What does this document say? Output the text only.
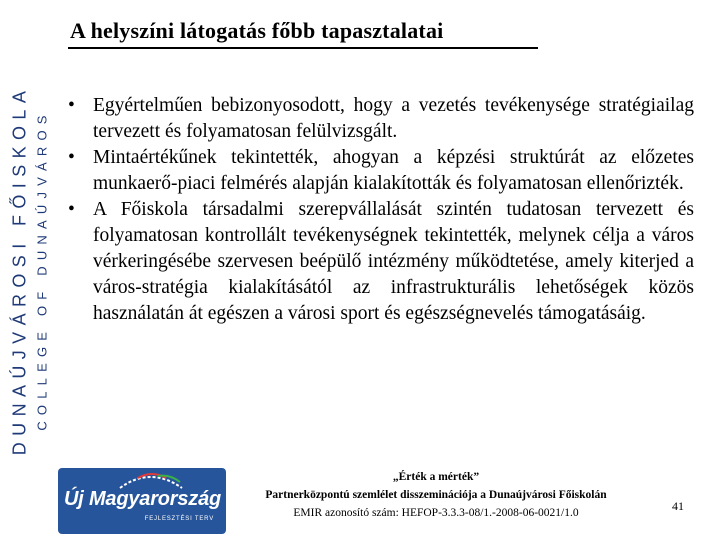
DUNAÚJVÁROSI FŐISKOLA COLLEGE OF DUNAÚJVÁROS
A helyszíni látogatás főbb tapasztalatai
• Egyértelműen bebizonyosodott, hogy a vezetés tevékenysége stratégiailag tervezett és folyamatosan felülvizsgált.
• Mintaértékűnek tekintették, ahogyan a képzési struktúrát az előzetes munkaerő-piaci felmérés alapján kialakították és folyamatosan ellenőrizték.
• A Főiskola társadalmi szerepvállalását szintén tudatosan tervezett és folyamatosan kontrollált tevékenységnek tekintették, melynek célja a város vérkeringésébe szervesen beépülő intézmény működtetése, amely kiterjed a város-stratégia kialakításától az infrastrukturális lehetőségek közös használatán át egészen a városi sport és egészségnevelés támogatásáig.
Új Magyarország
FEJLESZTÉSI TERV
„Érték a mérték”
Partnerközpontú szemlélet disszeminációja a Dunaújvárosi Főiskolán
EMIR azonosító szám: HEFOP-3.3.3-08/1.-2008-06-0021/1.0	41
